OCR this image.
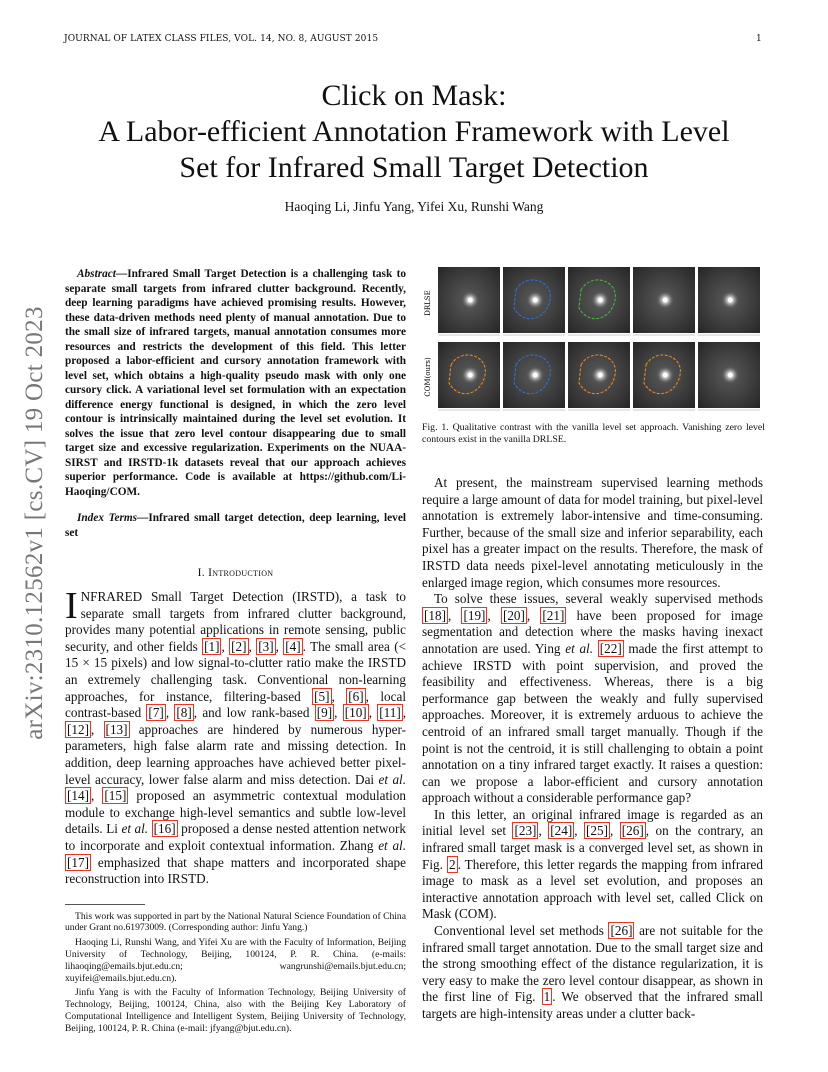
JOURNAL OF LATEX CLASS FILES, VOL. 14, NO. 8, AUGUST 2015	1
Click on Mask:
A Labor-efficient Annotation Framework with Level
Set for Infrared Small Target Detection
Haoqing Li, Jinfu Yang, Yifei Xu, Runshi Wang
arXiv:2310.12562v1 [cs.CV] 19 Oct 2023

Abstract—Infrared Small Target Detection is a challenging task to separate small targets from infrared clutter background. Recently, deep learning paradigms have achieved promising results. However, these data-driven methods need plenty of manual annotation. Due to the small size of infrared targets, manual annotation consumes more resources and restricts the development of this field. This letter proposed a labor-efficient and cursory annotation framework with level set, which obtains a high-quality pseudo mask with only one cursory click. A variational level set formulation with an expectation difference energy functional is designed, in which the zero level contour is intrinsically maintained during the level set evolution. It solves the issue that zero level contour disappearing due to small target size and excessive regularization. Experiments on the NUAA-SIRST and IRSTD-1k datasets reveal that our approach achieves superior performance. Code is available at https://github.com/Li-Haoqing/COM.

Index Terms—Infrared small target detection, deep learning, level set

I. Introduction

INFRARED Small Target Detection (IRSTD), a task to separate small targets from infrared clutter background, provides many potential applications in remote sensing, public security, and other fields [1] , [2] , [3] , [4] . The small area (< 15 × 15 pixels) and low signal-to-clutter ratio make the IRSTD an extremely challenging task. Conventional non-learning approaches, for instance, filtering-based [5] , [6] , local contrast-based [7] , [8] , and low rank-based [9] , [10] , [11] , [12] , [13] approaches are hindered by numerous hyper-parameters, high false alarm rate and missing detection. In addition, deep learning approaches have achieved better pixel-level accuracy, lower false alarm and miss detection. Dai et al. [14] , [15] proposed an asymmetric contextual modulation module to exchange high-level semantics and subtle low-level details. Li et al. [16] proposed a dense nested attention network to incorporate and exploit contextual information. Zhang et al. [17] emphasized that shape matters and incorporated shape reconstruction into IRSTD.

This work was supported in part by the National Natural Science Foundation of China under Grant no.61973009. (Corresponding author: Jinfu Yang.)

Haoqing Li, Runshi Wang, and Yifei Xu are with the Faculty of Information, Beijing University of Technology, Beijing, 100124, P. R. China. (e-mails: lihaoqing@emails.bjut.edu.cn; wangrunshi@emails.bjut.edu.cn; xuyifei@emails.bjut.edu.cn).

Jinfu Yang is with the Faculty of Information Technology, Beijing University of Technology, Beijing, 100124, China, also with the Beijing Key Laboratory of Computational Intelligence and Intelligent System, Beijing University of Technology, Beijing, 100124, P. R. China (e-mail: jfyang@bjut.edu.cn).

DRLSE
COM(ours)
Fig. 1. Qualitative contrast with the vanilla level set approach. Vanishing zero level contours exist in the vanilla DRLSE.

At present, the mainstream supervised learning methods require a large amount of data for model training, but pixel-level annotation is extremely labor-intensive and time-consuming. Further, because of the small size and inferior separability, each pixel has a greater impact on the results. Therefore, the mask of IRSTD data needs pixel-level annotating meticulously in the enlarged image region, which consumes more resources.

To solve these issues, several weakly supervised methods [18] , [19] , [20] , [21] have been proposed for image segmentation and detection where the masks having inexact annotation are used. Ying et al. [22] made the first attempt to achieve IRSTD with point supervision, and proved the feasibility and effectiveness. Whereas, there is a big performance gap between the weakly and fully supervised approaches. Moreover, it is extremely arduous to achieve the centroid of an infrared small target manually. Though if the point is not the centroid, it is still challenging to obtain a point annotation on a tiny infrared target exactly. It raises a question: can we propose a labor-efficient and cursory annotation approach without a considerable performance gap?

In this letter, an original infrared image is regarded as an initial level set [23] , [24] , [25] , [26] , on the contrary, an infrared small target mask is a converged level set, as shown in Fig. 2 . Therefore, this letter regards the mapping from infrared image to mask as a level set evolution, and proposes an interactive annotation approach with level set, called Click on Mask (COM).

Conventional level set methods [26] are not suitable for the infrared small target annotation. Due to the small target size and the strong smoothing effect of the distance regularization, it is very easy to make the zero level contour disappear, as shown in the first line of Fig. 1 . We observed that the infrared small targets are high-intensity areas under a clutter back-
